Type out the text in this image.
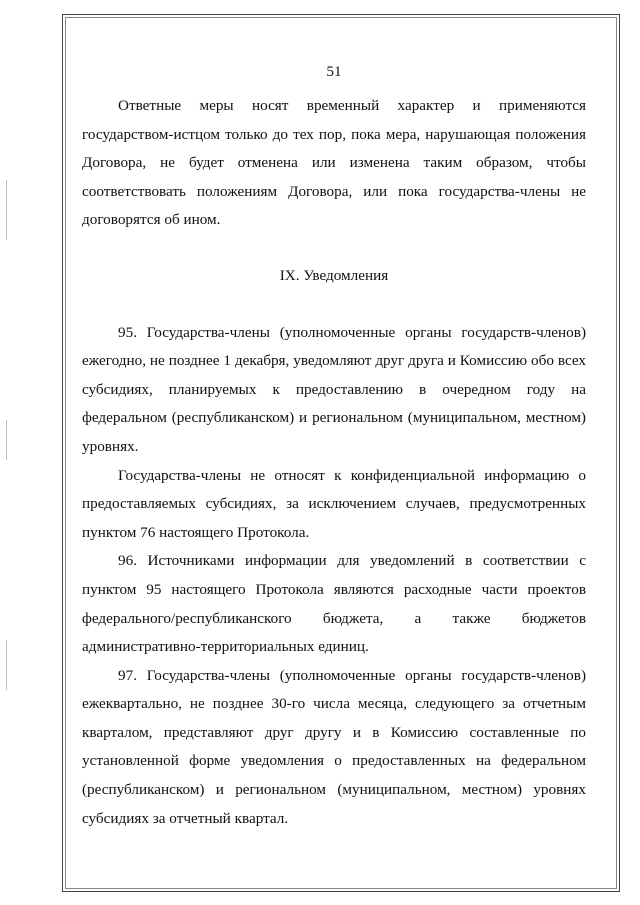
51

Ответные меры носят временный характер и применяются государством-истцом только до тех пор, пока мера, нарушающая положения Договора, не будет отменена или изменена таким образом, чтобы соответствовать положениям Договора, или пока государства-члены не договорятся об ином.

IX. Уведомления

95. Государства-члены (уполномоченные органы государств-членов) ежегодно, не позднее 1 декабря, уведомляют друг друга и Комиссию обо всех субсидиях, планируемых к предоставлению в очередном году на федеральном (республиканском) и региональном (муниципальном, местном) уровнях.

Государства-члены не относят к конфиденциальной информацию о предоставляемых субсидиях, за исключением случаев, предусмотренных пунктом 76 настоящего Протокола.

96. Источниками информации для уведомлений в соответствии с пунктом 95 настоящего Протокола являются расходные части проектов федерального/республиканского бюджета, а также бюджетов административно-территориальных единиц.

97. Государства-члены (уполномоченные органы государств-членов) ежеквартально, не позднее 30-го числа месяца, следующего за отчетным кварталом, представляют друг другу и в Комиссию составленные по установленной форме уведомления о предоставленных на федеральном (республиканском) и региональном (муниципальном, местном) уровнях субсидиях за отчетный квартал.
